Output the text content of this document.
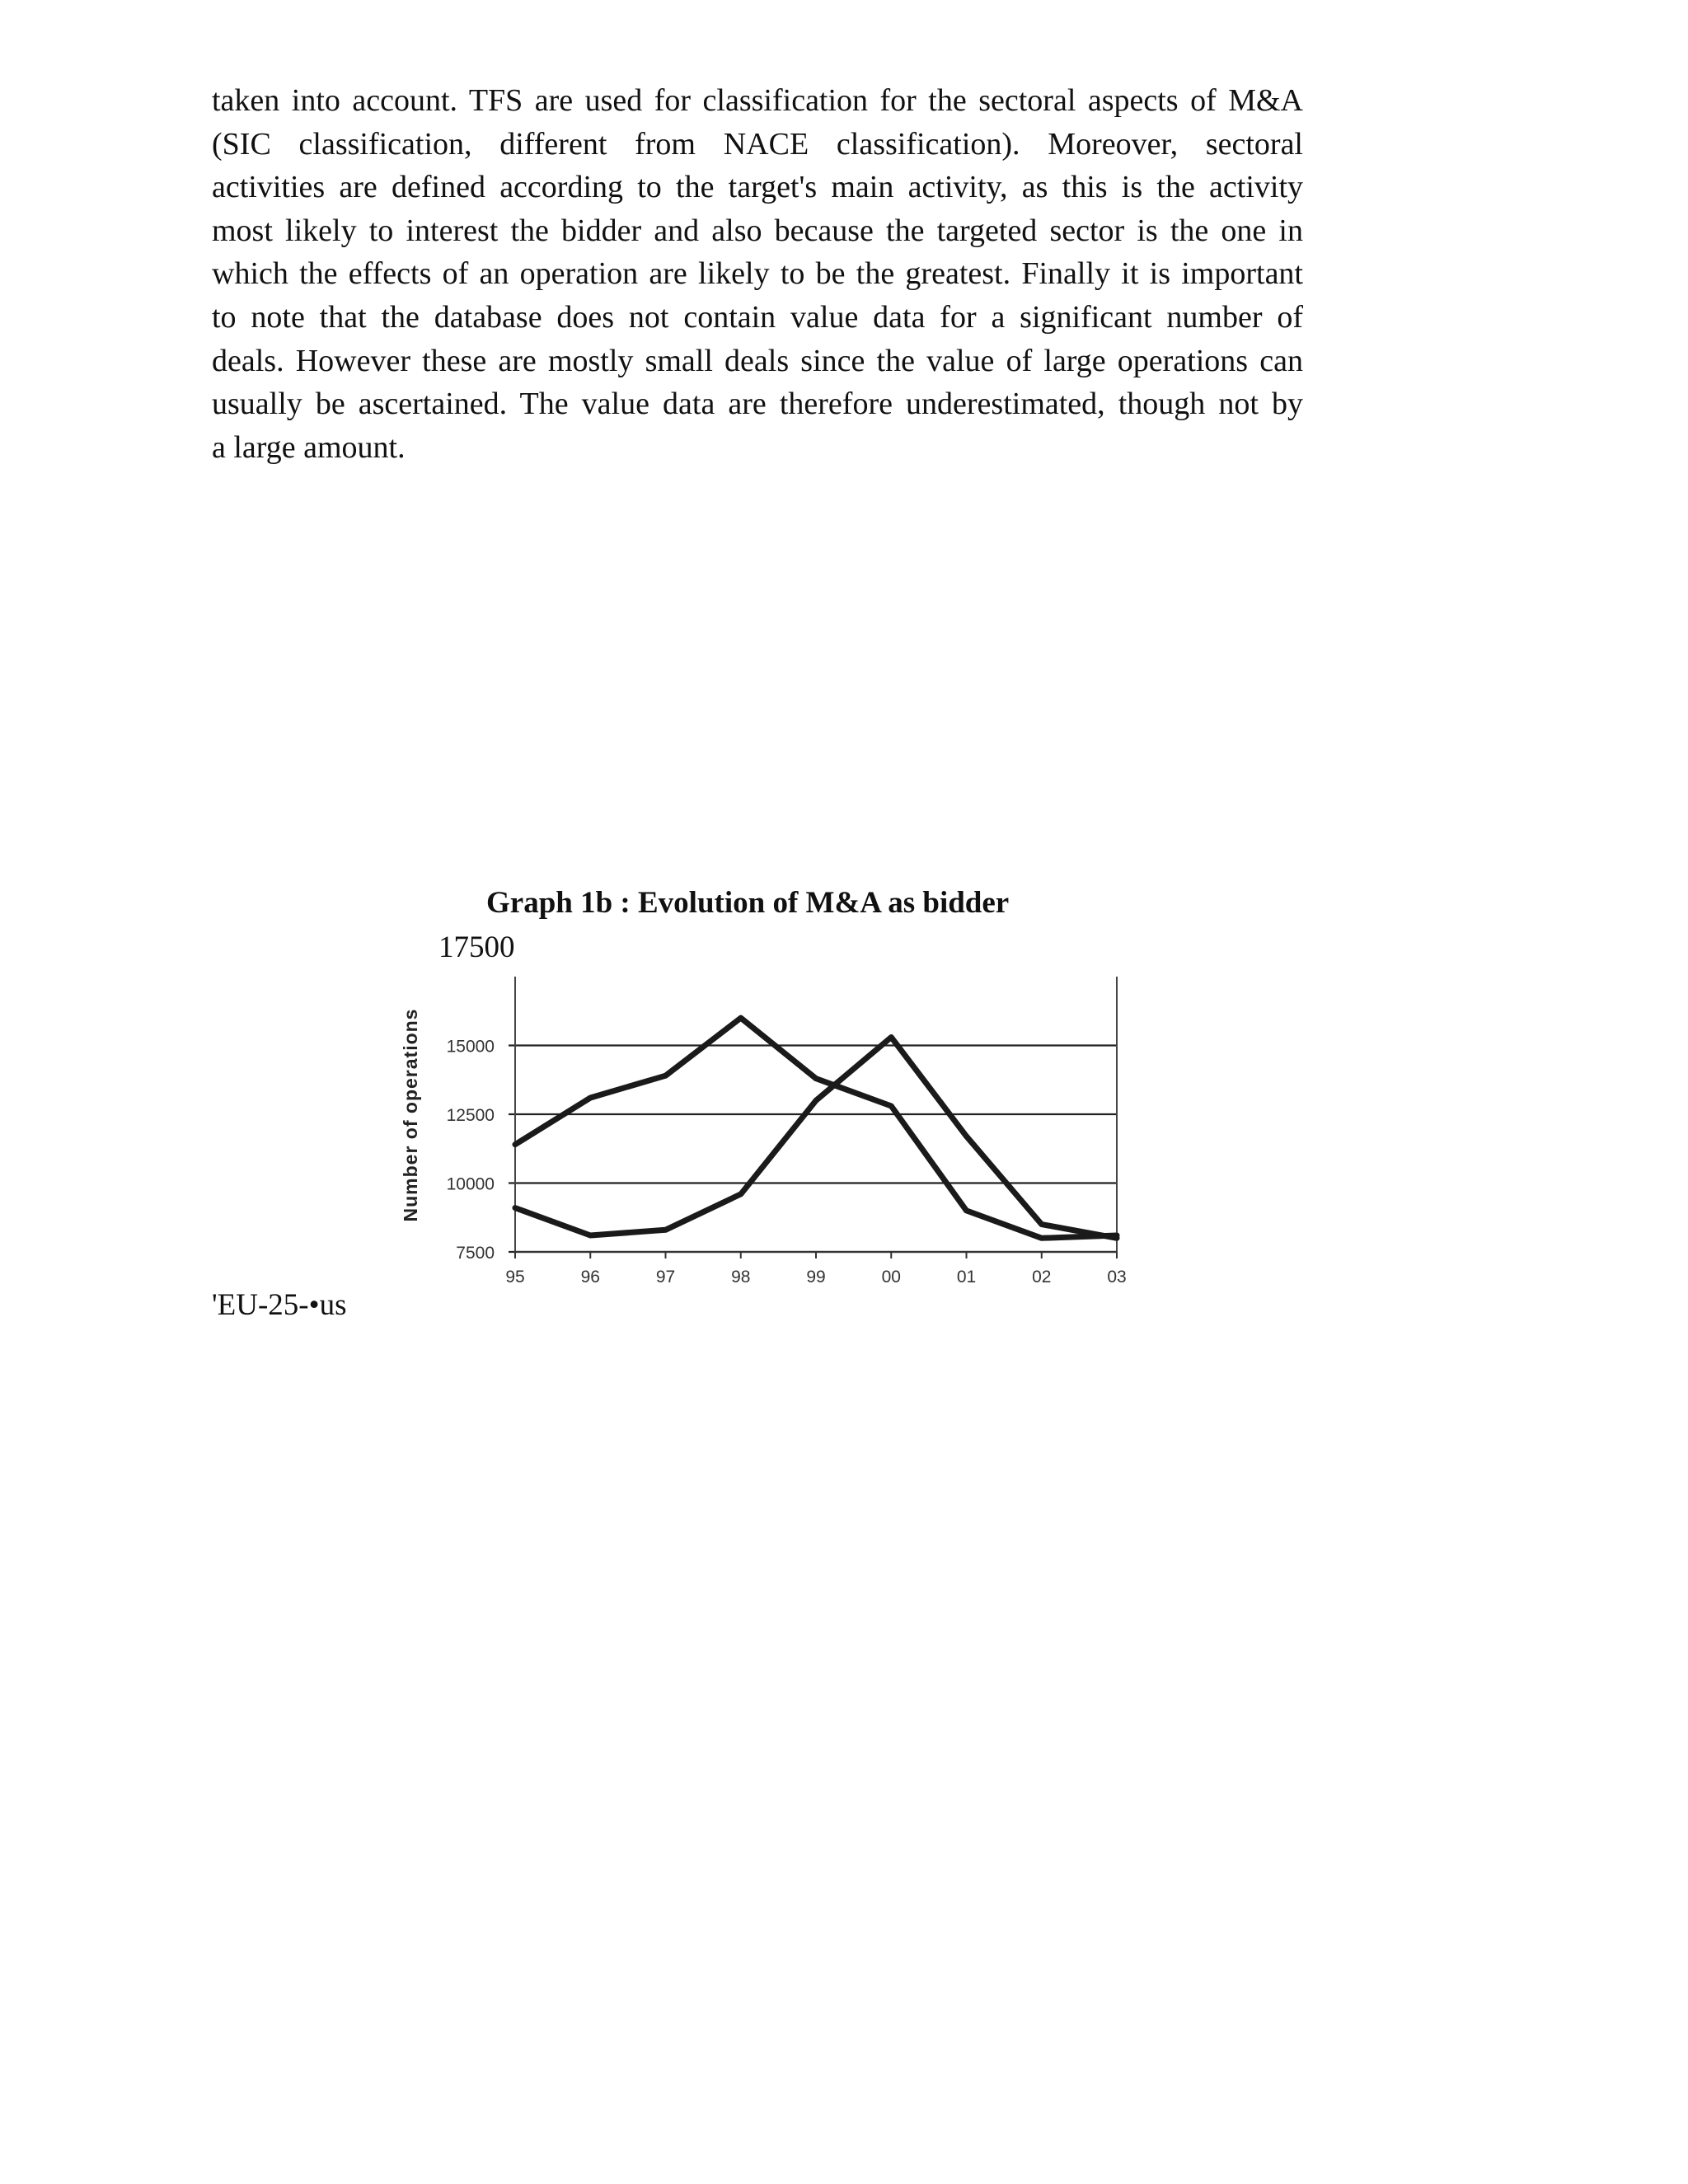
taken into account. TFS are used for classification for the sectoral aspects of M&A
(SIC classification, different from NACE classification). Moreover, sectoral
activities are defined according to the target's main activity, as this is the activity
most likely to interest the bidder and also because the targeted sector is the one in
which the effects of an operation are likely to be the greatest. Finally it is important
to note that the database does not contain value data for a significant number of
deals. However these are mostly small deals since the value of large operations can
usually be ascertained. The value data are therefore underestimated, though not by
a large amount.
Graph 1b : Evolution of M&A as bidder
17500
7500
10000
12500
15000
95	96	97	98	99	00	01	02	03
Number of operations
'EU-25-•us
